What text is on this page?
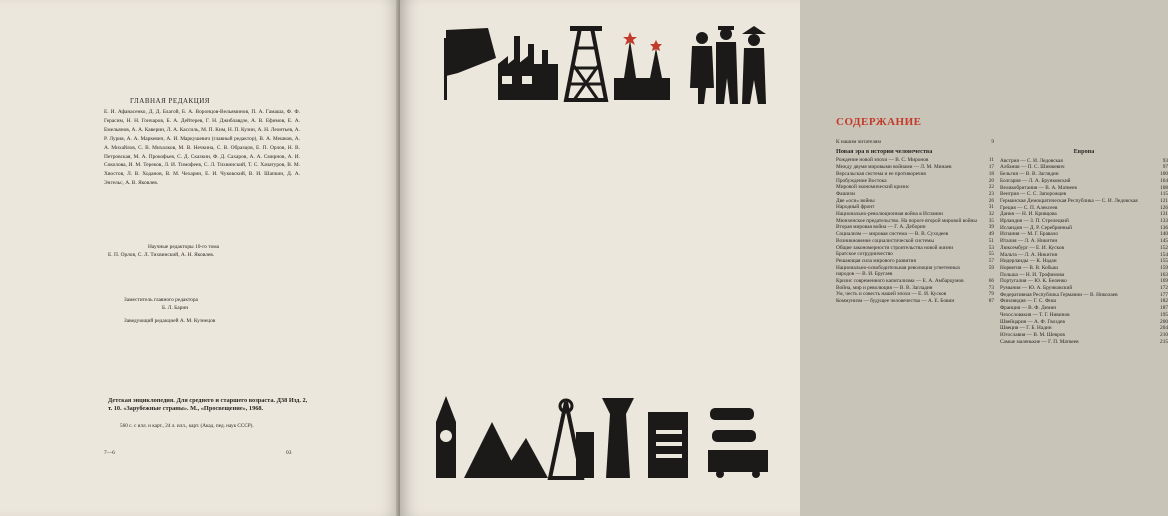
ГЛАВНАЯ РЕДАКЦИЯ
Е. И. Афанасенко, Д. Д. Благой, Б. А. Воронцов-Вельяминов, П. А. Гамаша, Ф. Ф. Герасим, Н. Н. Гончаров, Б. А. Дейтерев, Г. Н. Джиблавдзе, А. В. Ефимов, Е. А. Емельянов, А. А. Каверин, Л. А. Кассиль, М. П. Ким, Н. П. Кузин, А. Н. Леонтьев, А. Р. Лурия, А. А. Маркевич, А. И. Маркушевич (главный редактор), В. А. Мешков, А. А. Михайлов, С. В. Михалков, М. В. Нечкина, С. В. Образцов, Е. П. Орлов, Н. В. Петровская, М. А. Прокофьев, С. Д. Сказкин, Ф. Д. Сахаров, А. А. Смирнов, А. И. Соколова, И. М. Тереков, Л. И. Тимофеев, С. Л. Тихвинский, Т. С. Хачатуров, В. М. Хвостов, Л. В. Ходанов, В. М. Чехарин, Е. И. Чуковский, В. И. Шапкин, Д. А. Энгельс, А. В. Яковлев.
Научные редакторы 10-го тома
Е. П. Орлов, С. Л. Тихвинский, А. Н. Яковлев.
Заместитель главного редактора
Б. Л. Барин
Заведующий редакцией А. М. Кузнецов
Детская энциклопедия. Для среднего и старшего возраста. Д38 Изд. 2, т. 10. «Зарубежные страны». М., «Просвещение», 1968.
560 с. с илл. и карт., 24 л. илл., карт. (Акад. пед. наук СССР).
7—6	03
СОДЕРЖАНИЕ
К нашим читателям	9
Новая эра в истории человечества
Рождение новой эпохи — В. С. Миронов	11
Между двумя мировыми войнами — Л. М. Минаев	17
Версальская система и ее противоречия	18
Пробуждение Востока	20
Мировой экономический кризис	22
Фашизм	23
Две «оси» войны	26
Народный фронт	31
Национально-революционная война в Испании	32
Мюнхенское предательство. На пороге второй мировой войны	35
Вторая мировая война — Г. А. Деборин	39
Социализм — мировая система — В. В. Суходеев	49
Возникновение социалистической системы	51
Общие закономерности строительства новой жизни	53
Братское сотрудничество	55
Решающая сила мирового развития	57
Национально-освободительная революция угнетенных народов — В. И. Бругаев
59
Кризис современного капитализма — Е. А. Амбарцумов	66
Война, мир и революция — В. В. Загладин	73
Ум, честь и совесть нашей эпохи — Е. И. Кусков	79
Коммунизм — будущее человечества — А. Е. Бовин	87
Европа
Австрия — С. И. Ледовская	93
Албания — П. С. Шимкевич	97
Бельгия — В. В. Заглядин	100
Болгария — Л. А. Брунковский	104
Великобритания — В. А. Матвеев	108
Венгрия — С. С. Запорожцев	115
Германская Демократическая Республика — С. И. Ледовская	121
Греция — С. П. Алексеев	126
Дания — Н. И. Кривцова	131
Ирландия — З. П. Стрелецкий	133
Исландия — Д. Р. Серебрянный	136
Испания — М. Г. Бравало	140
Италия — Л. А. Никитин	145
Люксембург — Е. И. Кусков	152
Мальта — Л. А. Никитин	154
Нидерланды — К. Надан	155
Норвегия — В. В. Кобыш	159
Польша — Н. И. Трофимова	163
Португалия — Ю. К. Беленко	169
Румыния — Ю. А. Брунковский	172
Федеративная Республика Германии — В. Николаев	177
Финляндия — Г. С. Фиш	182
Франция — В. Ф. Демин	187
Чехословакия — Т. Г. Нивинов	195
Швейцария — А. Ф. Гвоздев	200
Швеция — Г. Б. Надин	204
Югославия — В. М. Шевров	210
Самые маленькие — Г. П. Матвеев	215
